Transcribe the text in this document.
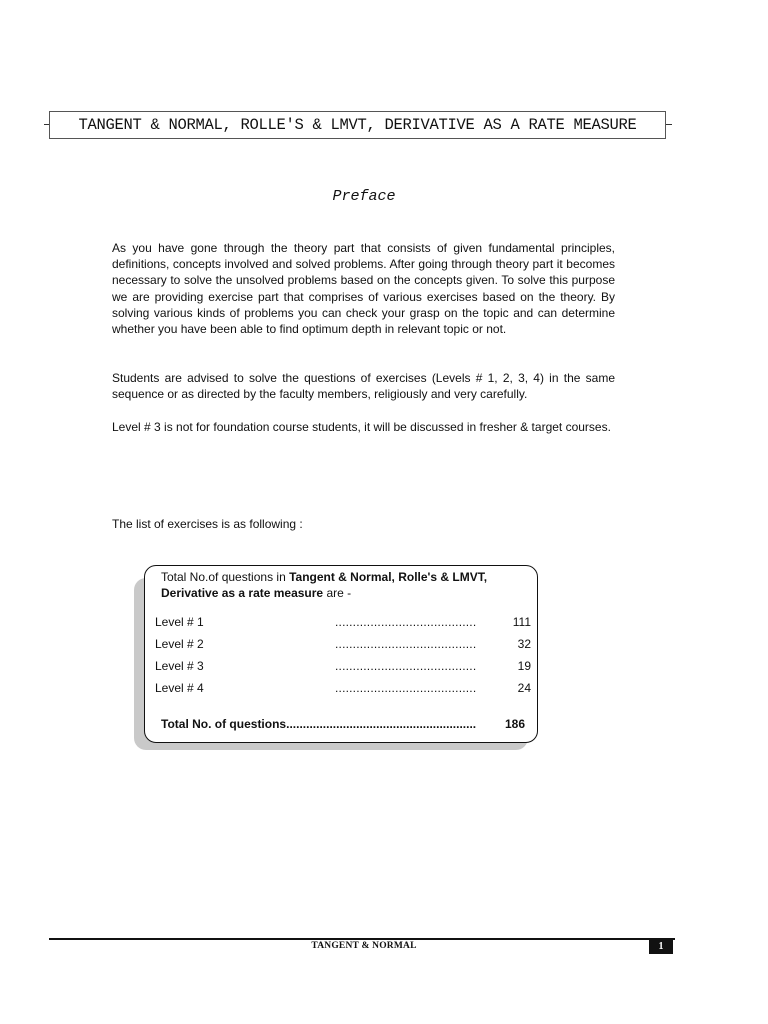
TANGENT & NORMAL, ROLLE'S & LMVT, DERIVATIVE AS A RATE MEASURE
Preface

As you have gone through the theory part that consists of given fundamental principles, definitions, concepts involved and solved problems. After going through theory part it becomes necessary to solve the unsolved problems based on the concepts given. To solve this purpose we are providing exercise part that comprises of various exercises based on the theory. By solving various kinds of problems you can check your grasp on the topic and can determine whether you have been able to find optimum depth in relevant topic or not.

Students are advised to solve the questions of exercises (Levels # 1, 2, 3, 4) in the same sequence or as directed by the faculty members, religiously and very carefully.

Level # 3 is not for foundation course students, it will be discussed in fresher & target courses.

The list of exercises is as following :

Total No.of questions in Tangent & Normal, Rolle's & LMVT, Derivative as a rate measure are -
Level # 1	........................................	111
Level # 2	........................................	32
Level # 3	........................................	19
Level # 4	........................................	24
Total No. of questions......................................................... 186
TANGENT & NORMAL	1
